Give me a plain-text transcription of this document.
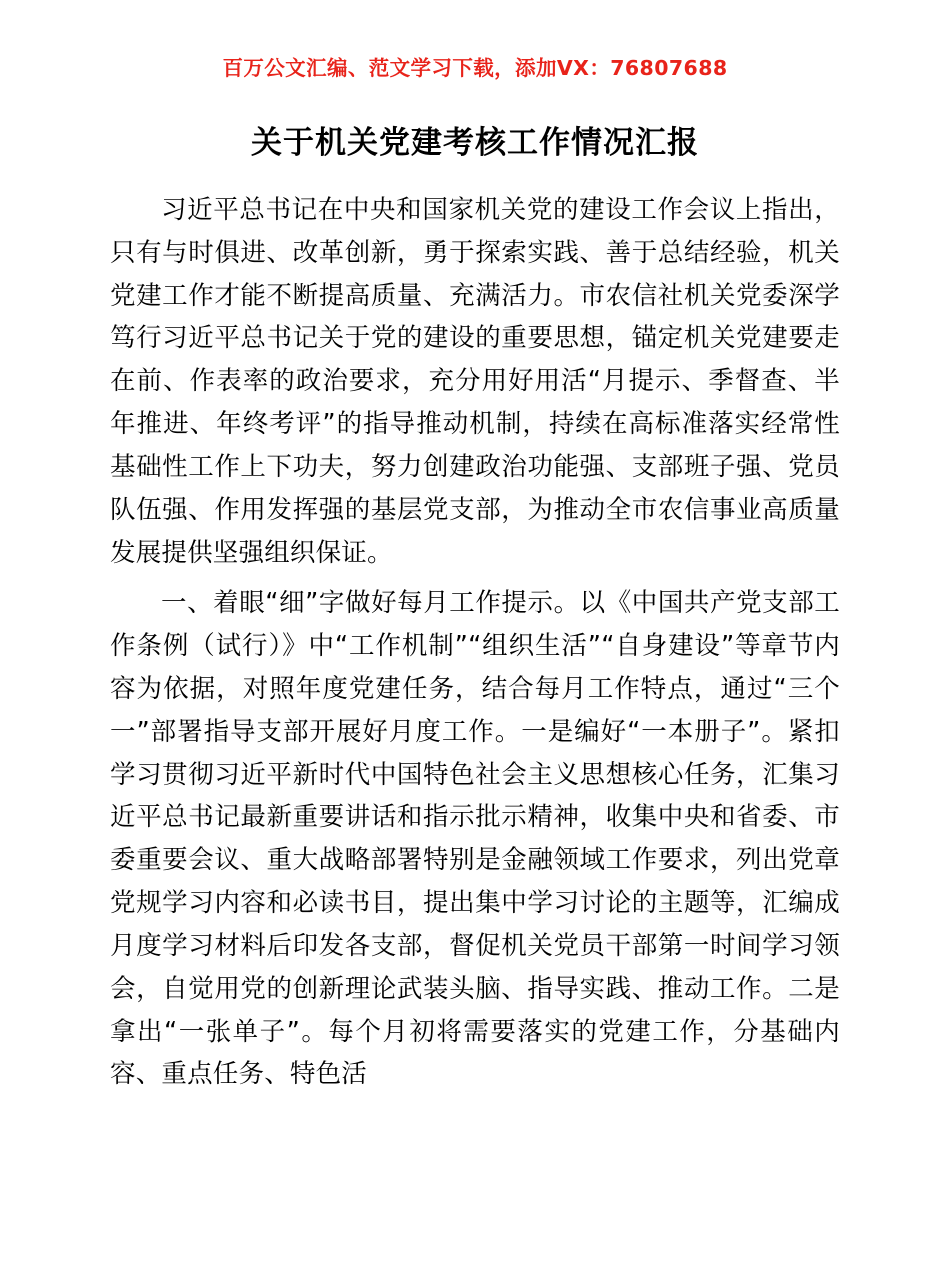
百万公文汇编、范文学习下载，添加VX：76807688
关于机关党建考核工作情况汇报

习近平总书记在中央和国家机关党的建设工作会议上指出，只有与时俱进、改革创新，勇于探索实践、善于总结经验，机关党建工作才能不断提高质量、充满活力。市农信社机关党委深学笃行习近平总书记关于党的建设的重要思想，锚定机关党建要走在前、作表率的政治要求，充分用好用活“月提示、季督查、半年推进、年终考评”的指导推动机制，持续在高标准落实经常性基础性工作上下功夫，努力创建政治功能强、支部班子强、党员队伍强、作用发挥强的基层党支部，为推动全市农信事业高质量发展提供坚强组织保证。

一、着眼“细”字做好每月工作提示。以《中国共产党支部工作条例（试行）》中“工作机制”“组织生活”“自身建设”等章节内容为依据，对照年度党建任务，结合每月工作特点，通过“三个一”部署指导支部开展好月度工作。一是编好“一本册子”。紧扣学习贯彻习近平新时代中国特色社会主义思想核心任务，汇集习近平总书记最新重要讲话和指示批示精神，收集中央和省委、市委重要会议、重大战略部署特别是金融领域工作要求，列出党章党规学习内容和必读书目，提出集中学习讨论的主题等，汇编成月度学习材料后印发各支部，督促机关党员干部第一时间学习领会，自觉用党的创新理论武装头脑、指导实践、推动工作。二是拿出“一张单子”。每个月初将需要落实的党建工作，分基础内容、重点任务、特色活
